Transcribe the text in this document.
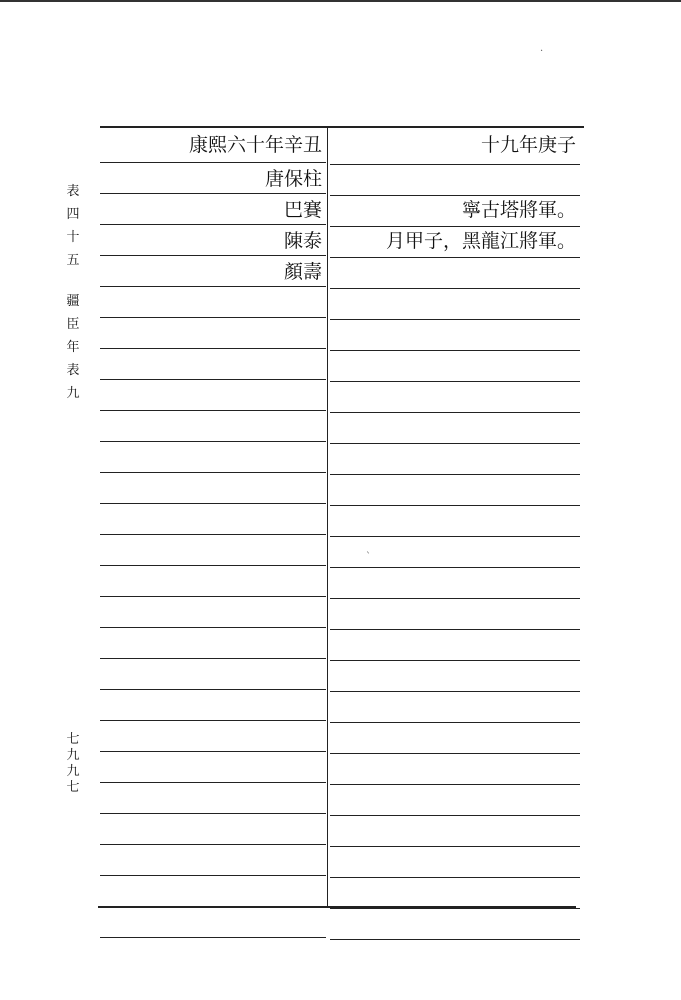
表
四
十
五
疆
臣
年
表
九
七
九
九
七
康熙六十年辛丑
唐保柱
巴賽
陳泰
顏壽
十九年庚子
寧古塔將軍。
月甲子，黑龍江將軍。
`
·
